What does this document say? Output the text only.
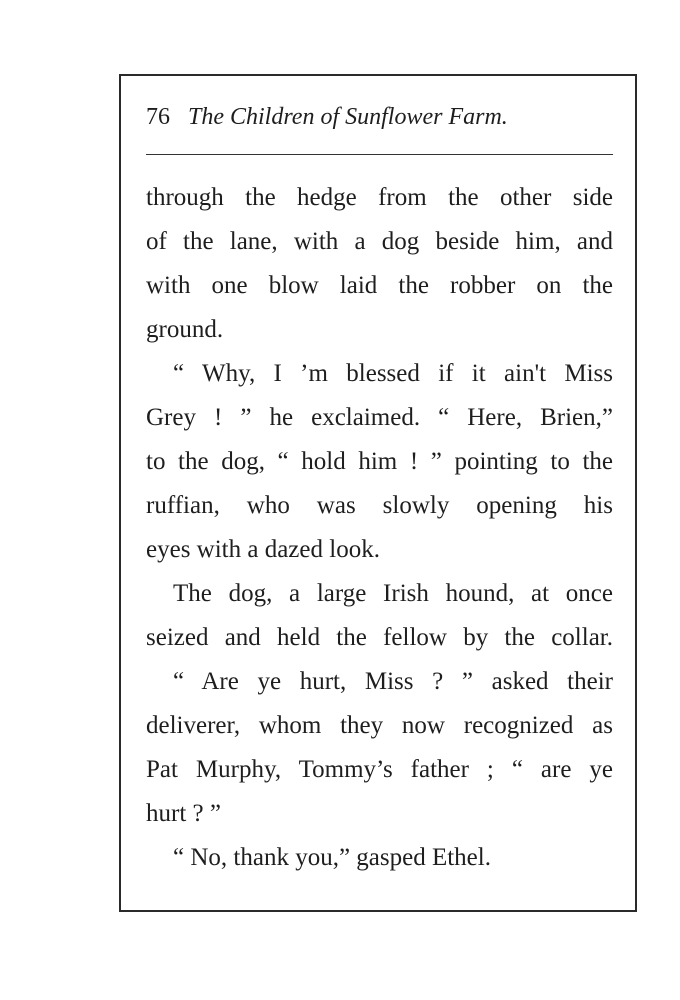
76 The Children of Sunflower Farm.
through the hedge from the other side
of the lane, with a dog beside him, and
with one blow laid the robber on the
ground.
“ Why, I ’m blessed if it ain't Miss
Grey ! ” he exclaimed. “ Here, Brien,”
to the dog, “ hold him ! ” pointing to the
ruffian, who was slowly opening his
eyes with a dazed look.
The dog, a large Irish hound, at once
seized and held the fellow by the collar.
“ Are ye hurt, Miss ? ” asked their
deliverer, whom they now recognized as
Pat Murphy, Tommy’s father ; “ are ye
hurt ? ”
“ No, thank you,” gasped Ethel.
